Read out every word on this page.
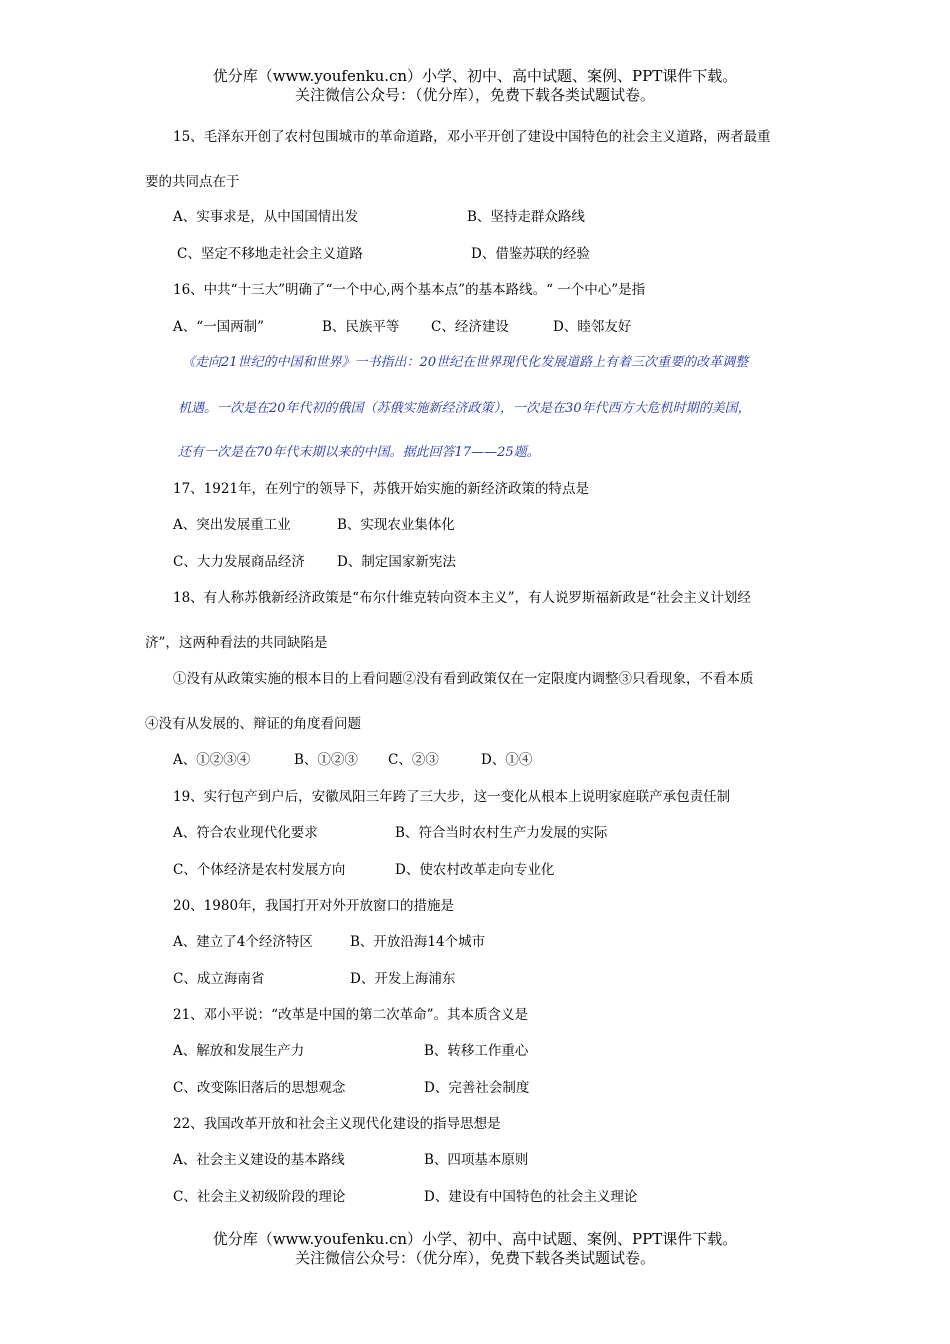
优分库（www.youfenku.cn）小学、初中、高中试题、案例、PPT课件下载。
关注微信公众号：（优分库），免费下载各类试题试卷。
15、毛泽东开创了农村包围城市的革命道路，邓小平开创了建设中国特色的社会主义道路，两者最重
要的共同点在于
A、实事求是，从中国国情出发	B、坚持走群众路线
C、坚定不移地走社会主义道路	D、借鉴苏联的经验
16、中共“十三大”明确了“一个中心,两个基本点”的基本路线。“ 一个中心”是指
A、“一国两制”	B、民族平等 C、经济建设	D、睦邻友好
《走向21世纪的中国和世界》一书指出：20世纪在世界现代化发展道路上有着三次重要的改革调整
机遇。一次是在20年代初的俄国（苏俄实施新经济政策），一次是在30年代西方大危机时期的美国，
还有一次是在70年代末期以来的中国。据此回答17——25题。
17、1921年，在列宁的领导下，苏俄开始实施的新经济政策的特点是
A、突出发展重工业	B、实现农业集体化
C、大力发展商品经济 D、制定国家新宪法
18、有人称苏俄新经济政策是“布尔什维克转向资本主义”，有人说罗斯福新政是“社会主义计划经
济”，这两种看法的共同缺陷是
①没有从政策实施的根本目的上看问题②没有看到政策仅在一定限度内调整③只看现象，不看本质
④没有从发展的、辩证的角度看问题
A、①②③④	B、①②③ C、②③	D、①④
19、实行包产到户后，安徽凤阳三年跨了三大步，这一变化从根本上说明家庭联产承包责任制
A、符合农业现代化要求	B、符合当时农村生产力发展的实际
C、个体经济是农村发展方向	D、使农村改革走向专业化
20、1980年，我国打开对外开放窗口的措施是
A、建立了4个经济特区	B、开放沿海14个城市
C、成立海南省	D、开发上海浦东
21、邓小平说：“改革是中国的第二次革命”。其本质含义是
A、解放和发展生产力	B、转移工作重心
C、改变陈旧落后的思想观念	D、完善社会制度
22、我国改革开放和社会主义现代化建设的指导思想是
A、社会主义建设的基本路线	B、四项基本原则
C、社会主义初级阶段的理论	D、建设有中国特色的社会主义理论
优分库（www.youfenku.cn）小学、初中、高中试题、案例、PPT课件下载。
关注微信公众号：（优分库），免费下载各类试题试卷。
